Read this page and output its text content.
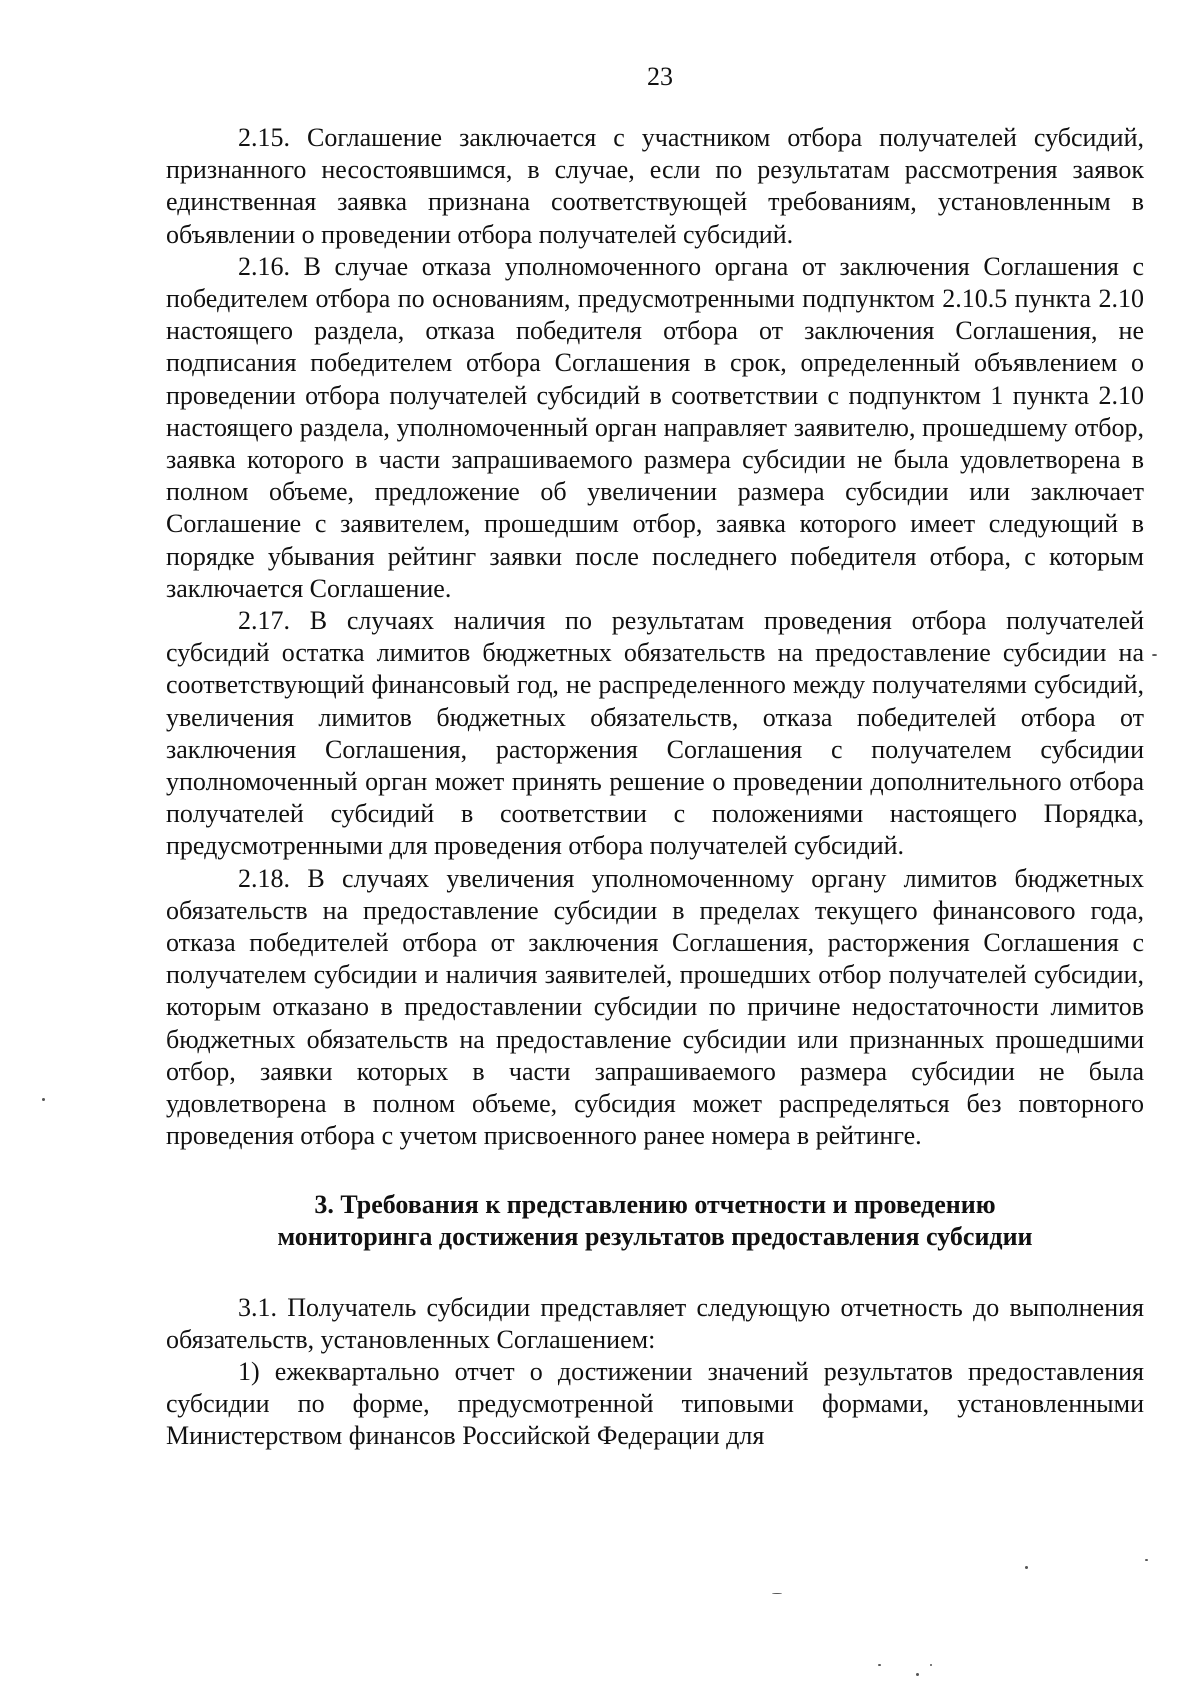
23

2.15. Соглашение заключается с участником отбора получателей субсидий, признанного несостоявшимся, в случае, если по результатам рассмотрения заявок единственная заявка признана соответствующей требованиям, установленным в объявлении о проведении отбора получателей субсидий.

2.16. В случае отказа уполномоченного органа от заключения Соглашения с победителем отбора по основаниям, предусмотренными подпунктом 2.10.5 пункта 2.10 настоящего раздела, отказа победителя отбора от заключения Соглашения, не подписания победителем отбора Соглашения в срок, определенный объявлением о проведении отбора получателей субсидий в соответствии с подпунктом 1 пункта 2.10 настоящего раздела, уполномоченный орган направляет заявителю, прошедшему отбор, заявка которого в части запрашиваемого размера субсидии не была удовлетворена в полном объеме, предложение об увеличении размера субсидии или заключает Соглашение с заявителем, прошедшим отбор, заявка которого имеет следующий в порядке убывания рейтинг заявки после последнего победителя отбора, с которым заключается Соглашение.

2.17. В случаях наличия по результатам проведения отбора получателей субсидий остатка лимитов бюджетных обязательств на предоставление субсидии на соответствующий финансовый год, не распределенного между получателями субсидий, увеличения лимитов бюджетных обязательств, отказа победителей отбора от заключения Соглашения, расторжения Соглашения с получателем субсидии уполномоченный орган может принять решение о проведении дополнительного отбора получателей субсидий в соответствии с положениями настоящего Порядка, предусмотренными для проведения отбора получателей субсидий.

2.18. В случаях увеличения уполномоченному органу лимитов бюджетных обязательств на предоставление субсидии в пределах текущего финансового года, отказа победителей отбора от заключения Соглашения, расторжения Соглашения с получателем субсидии и наличия заявителей, прошедших отбор получателей субсидии, которым отказано в предоставлении субсидии по причине недостаточности лимитов бюджетных обязательств на предоставление субсидии или признанных прошедшими отбор, заявки которых в части запрашиваемого размера субсидии не была удовлетворена в полном объеме, субсидия может распределяться без повторного проведения отбора с учетом присвоенного ранее номера в рейтинге.

3. Требования к представлению отчетности и проведению
мониторинга достижения результатов предоставления субсидии

3.1. Получатель субсидии представляет следующую отчетность до выполнения обязательств, установленных Соглашением:

1) ежеквартально отчет о достижении значений результатов предоставления субсидии по форме, предусмотренной типовыми формами, установленными Министерством финансов Российской Федерации для
